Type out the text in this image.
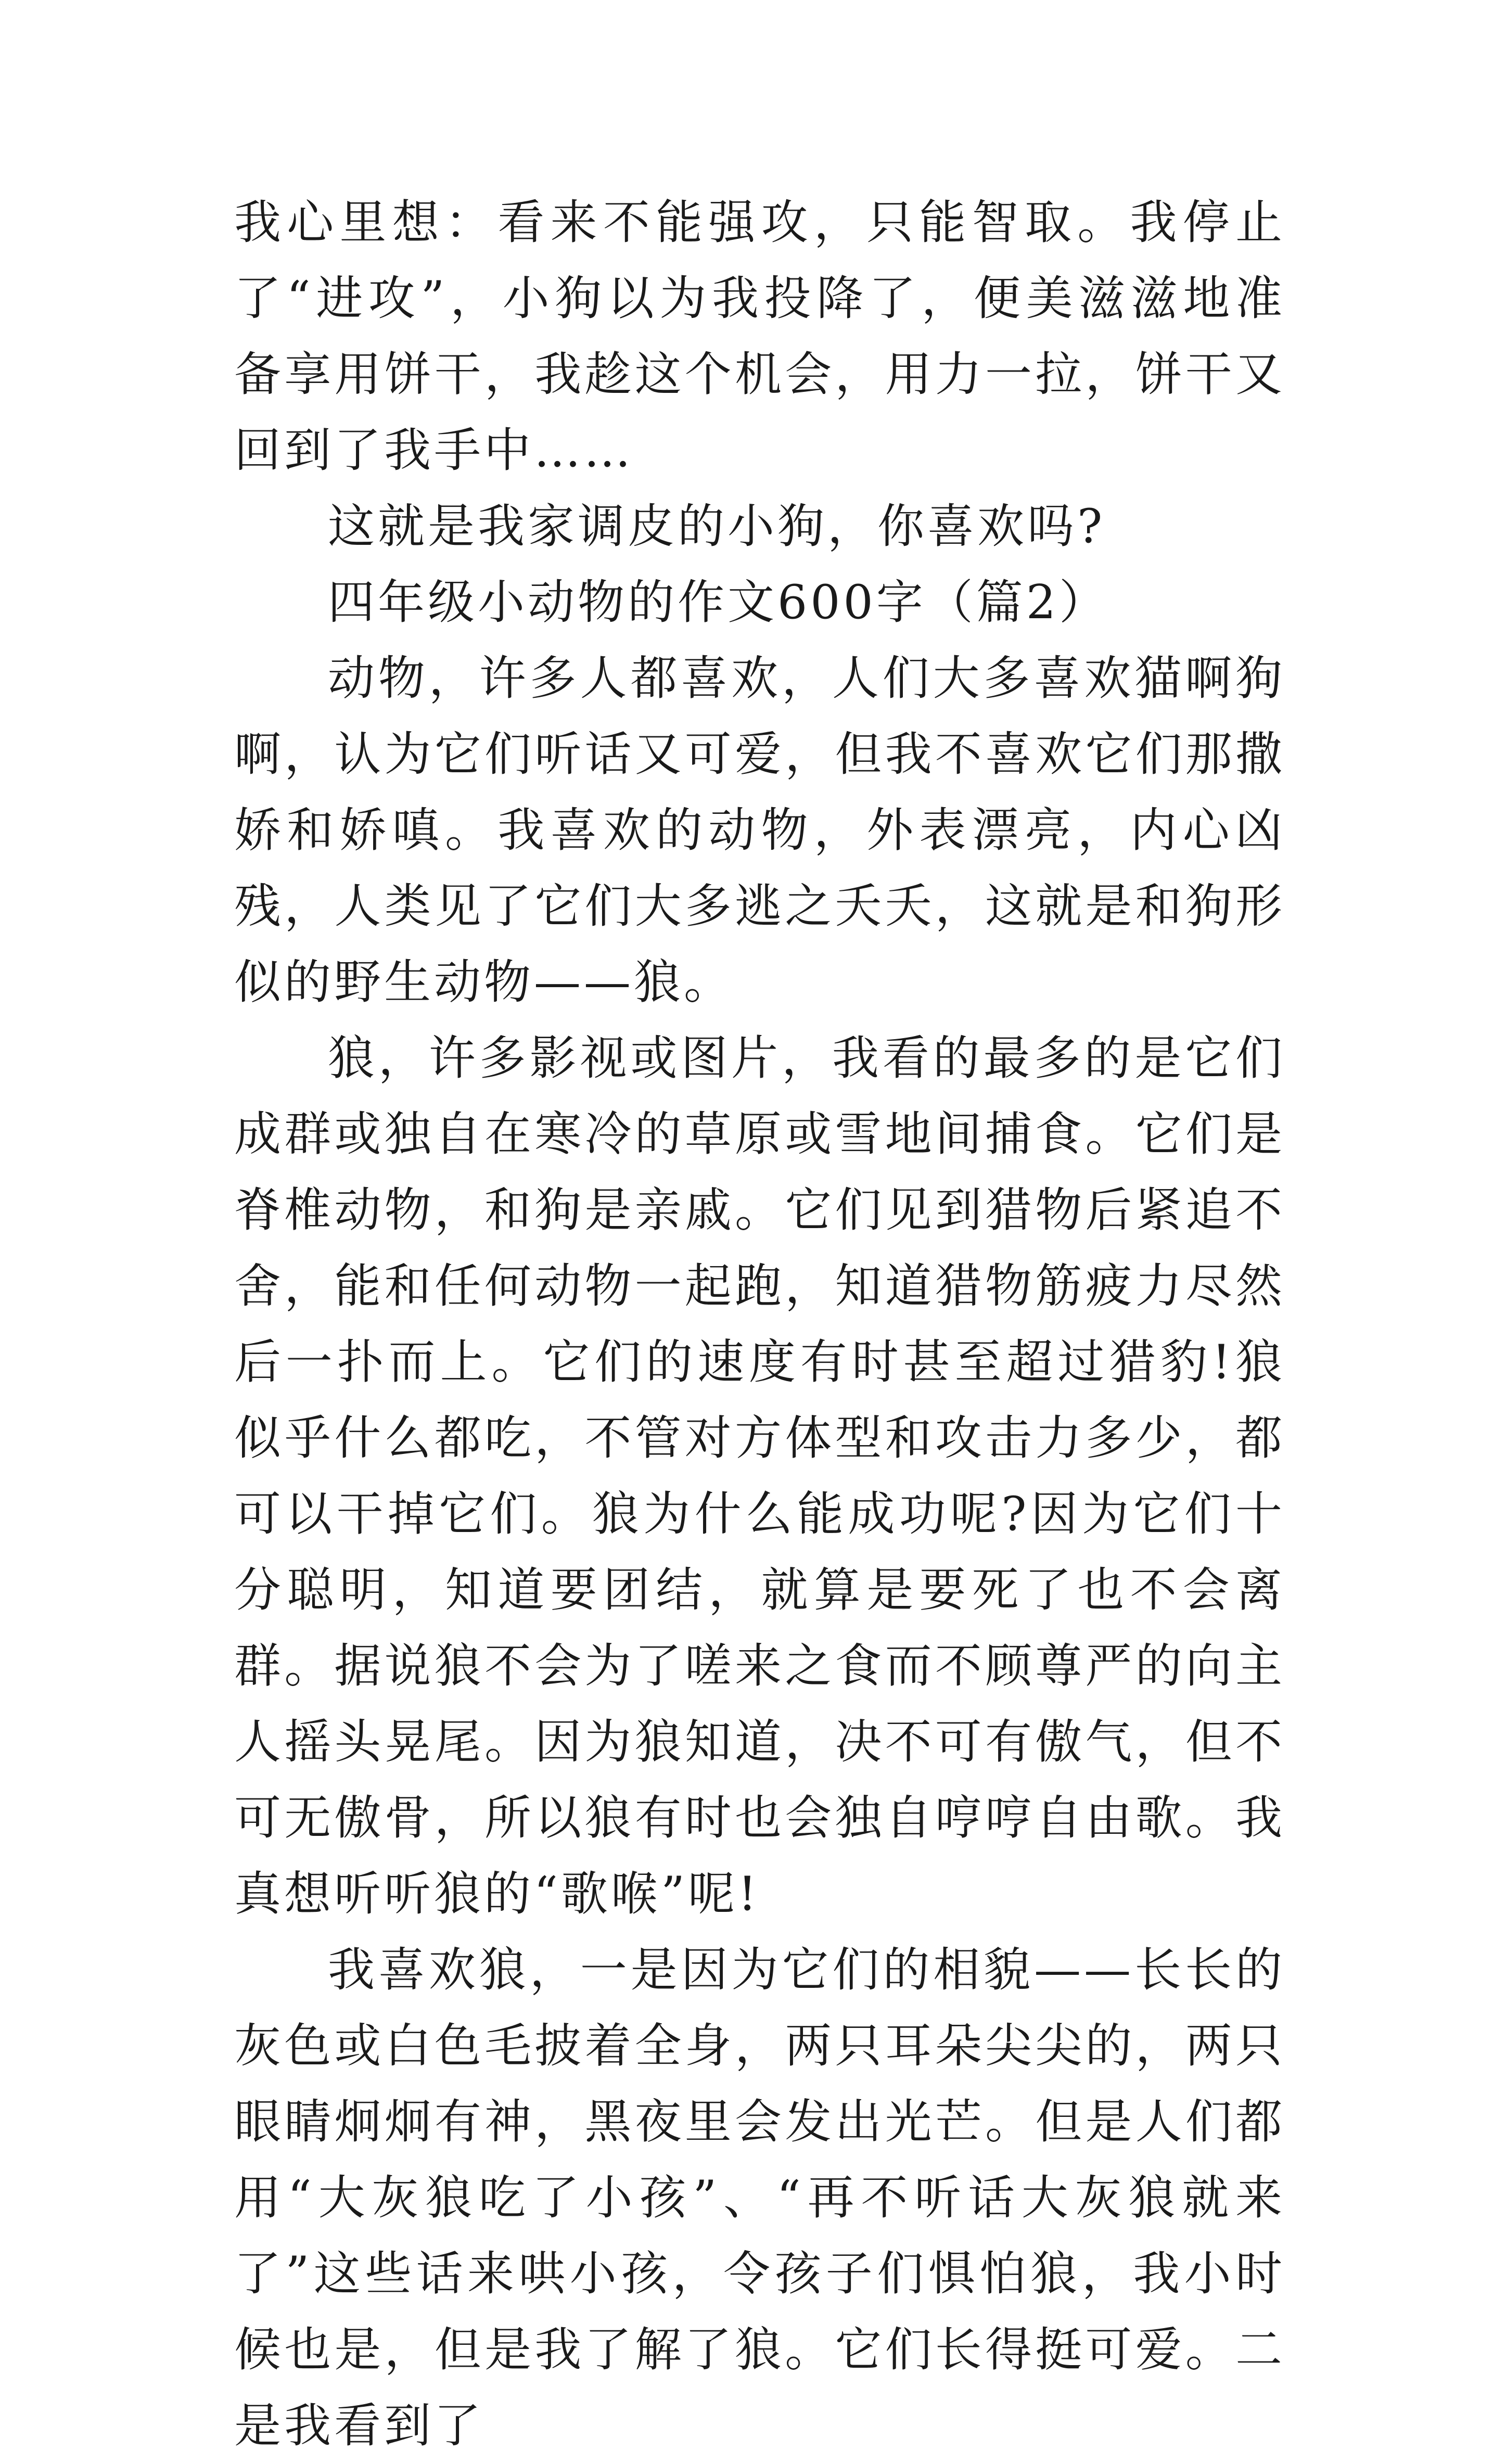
我心里想：看来不能强攻，只能智取。我停止了“进攻”，小狗以为我投降了，便美滋滋地准备享用饼干，我趁这个机会，用力一拉，饼干又回到了我手中……

这就是我家调皮的小狗，你喜欢吗?

四年级小动物的作文600字（篇2）

动物，许多人都喜欢，人们大多喜欢猫啊狗啊，认为它们听话又可爱，但我不喜欢它们那撒娇和娇嗔。我喜欢的动物，外表漂亮，内心凶残，人类见了它们大多逃之夭夭，这就是和狗形似的野生动物——狼。

狼，许多影视或图片，我看的最多的是它们成群或独自在寒冷的草原或雪地间捕食。它们是脊椎动物，和狗是亲戚。它们见到猎物后紧追不舍，能和任何动物一起跑，知道猎物筋疲力尽然后一扑而上。它们的速度有时甚至超过猎豹!狼似乎什么都吃，不管对方体型和攻击力多少，都可以干掉它们。狼为什么能成功呢?因为它们十分聪明，知道要团结，就算是要死了也不会离群。据说狼不会为了嗟来之食而不顾尊严的向主人摇头晃尾。因为狼知道，决不可有傲气，但不可无傲骨，所以狼有时也会独自哼哼自由歌。我真想听听狼的“歌喉”呢!

我喜欢狼，一是因为它们的相貌——长长的灰色或白色毛披着全身，两只耳朵尖尖的，两只眼睛炯炯有神，黑夜里会发出光芒。但是人们都用“大灰狼吃了小孩”、“再不听话大灰狼就来了”这些话来哄小孩，令孩子们惧怕狼，我小时候也是，但是我了解了狼。它们长得挺可爱。二是我看到了
